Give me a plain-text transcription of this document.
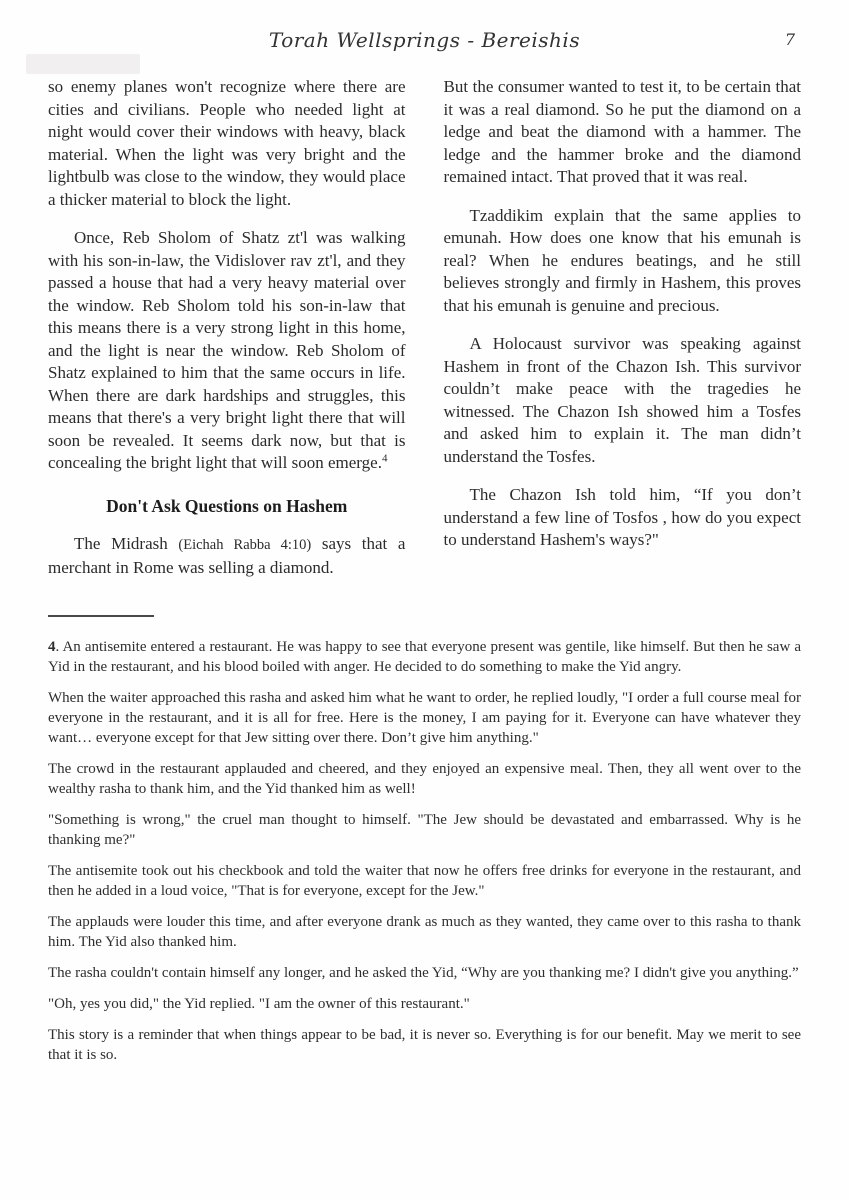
Torah Wellsprings - Bereishis	7

so enemy planes won't recognize where there are cities and civilians. People who needed light at night would cover their windows with heavy, black material. When the light was very bright and the lightbulb was close to the window, they would place a thicker material to block the light.

Once, Reb Sholom of Shatz zt'l was walking with his son-in-law, the Vidislover rav zt'l, and they passed a house that had a very heavy material over the window. Reb Sholom told his son-in-law that this means there is a very strong light in this home, and the light is near the window. Reb Sholom of Shatz explained to him that the same occurs in life. When there are dark hardships and struggles, this means that there's a very bright light there that will soon be revealed. It seems dark now, but that is concealing the bright light that will soon emerge.$^4$

Don't Ask Questions on Hashem

The Midrash (Eichah Rabba 4:10) says that a merchant in Rome was selling a diamond.

But the consumer wanted to test it, to be certain that it was a real diamond. So he put the diamond on a ledge and beat the diamond with a hammer. The ledge and the hammer broke and the diamond remained intact. That proved that it was real.

Tzaddikim explain that the same applies to emunah. How does one know that his emunah is real? When he endures beatings, and he still believes strongly and firmly in Hashem, this proves that his emunah is genuine and precious.

A Holocaust survivor was speaking against Hashem in front of the Chazon Ish. This survivor couldn’t make peace with the tragedies he witnessed. The Chazon Ish showed him a Tosfes and asked him to explain it. The man didn’t understand the Tosfes.

The Chazon Ish told him, “If you don’t understand a few line of Tosfos , how do you expect to understand Hashem's ways?"

4. An antisemite entered a restaurant. He was happy to see that everyone present was gentile, like himself. But then he saw a Yid in the restaurant, and his blood boiled with anger. He decided to do something to make the Yid angry.

When the waiter approached this rasha and asked him what he want to order, he replied loudly, "I order a full course meal for everyone in the restaurant, and it is all for free. Here is the money, I am paying for it. Everyone can have whatever they want… everyone except for that Jew sitting over there. Don’t give him anything."

The crowd in the restaurant applauded and cheered, and they enjoyed an expensive meal. Then, they all went over to the wealthy rasha to thank him, and the Yid thanked him as well!

"Something is wrong," the cruel man thought to himself. "The Jew should be devastated and embarrassed. Why is he thanking me?"

The antisemite took out his checkbook and told the waiter that now he offers free drinks for everyone in the restaurant, and then he added in a loud voice, "That is for everyone, except for the Jew."

The applauds were louder this time, and after everyone drank as much as they wanted, they came over to this rasha to thank him. The Yid also thanked him.

The rasha couldn't contain himself any longer, and he asked the Yid, “Why are you thanking me? I didn't give you anything.”

"Oh, yes you did," the Yid replied. "I am the owner of this restaurant."

This story is a reminder that when things appear to be bad, it is never so. Everything is for our benefit. May we merit to see that it is so.
